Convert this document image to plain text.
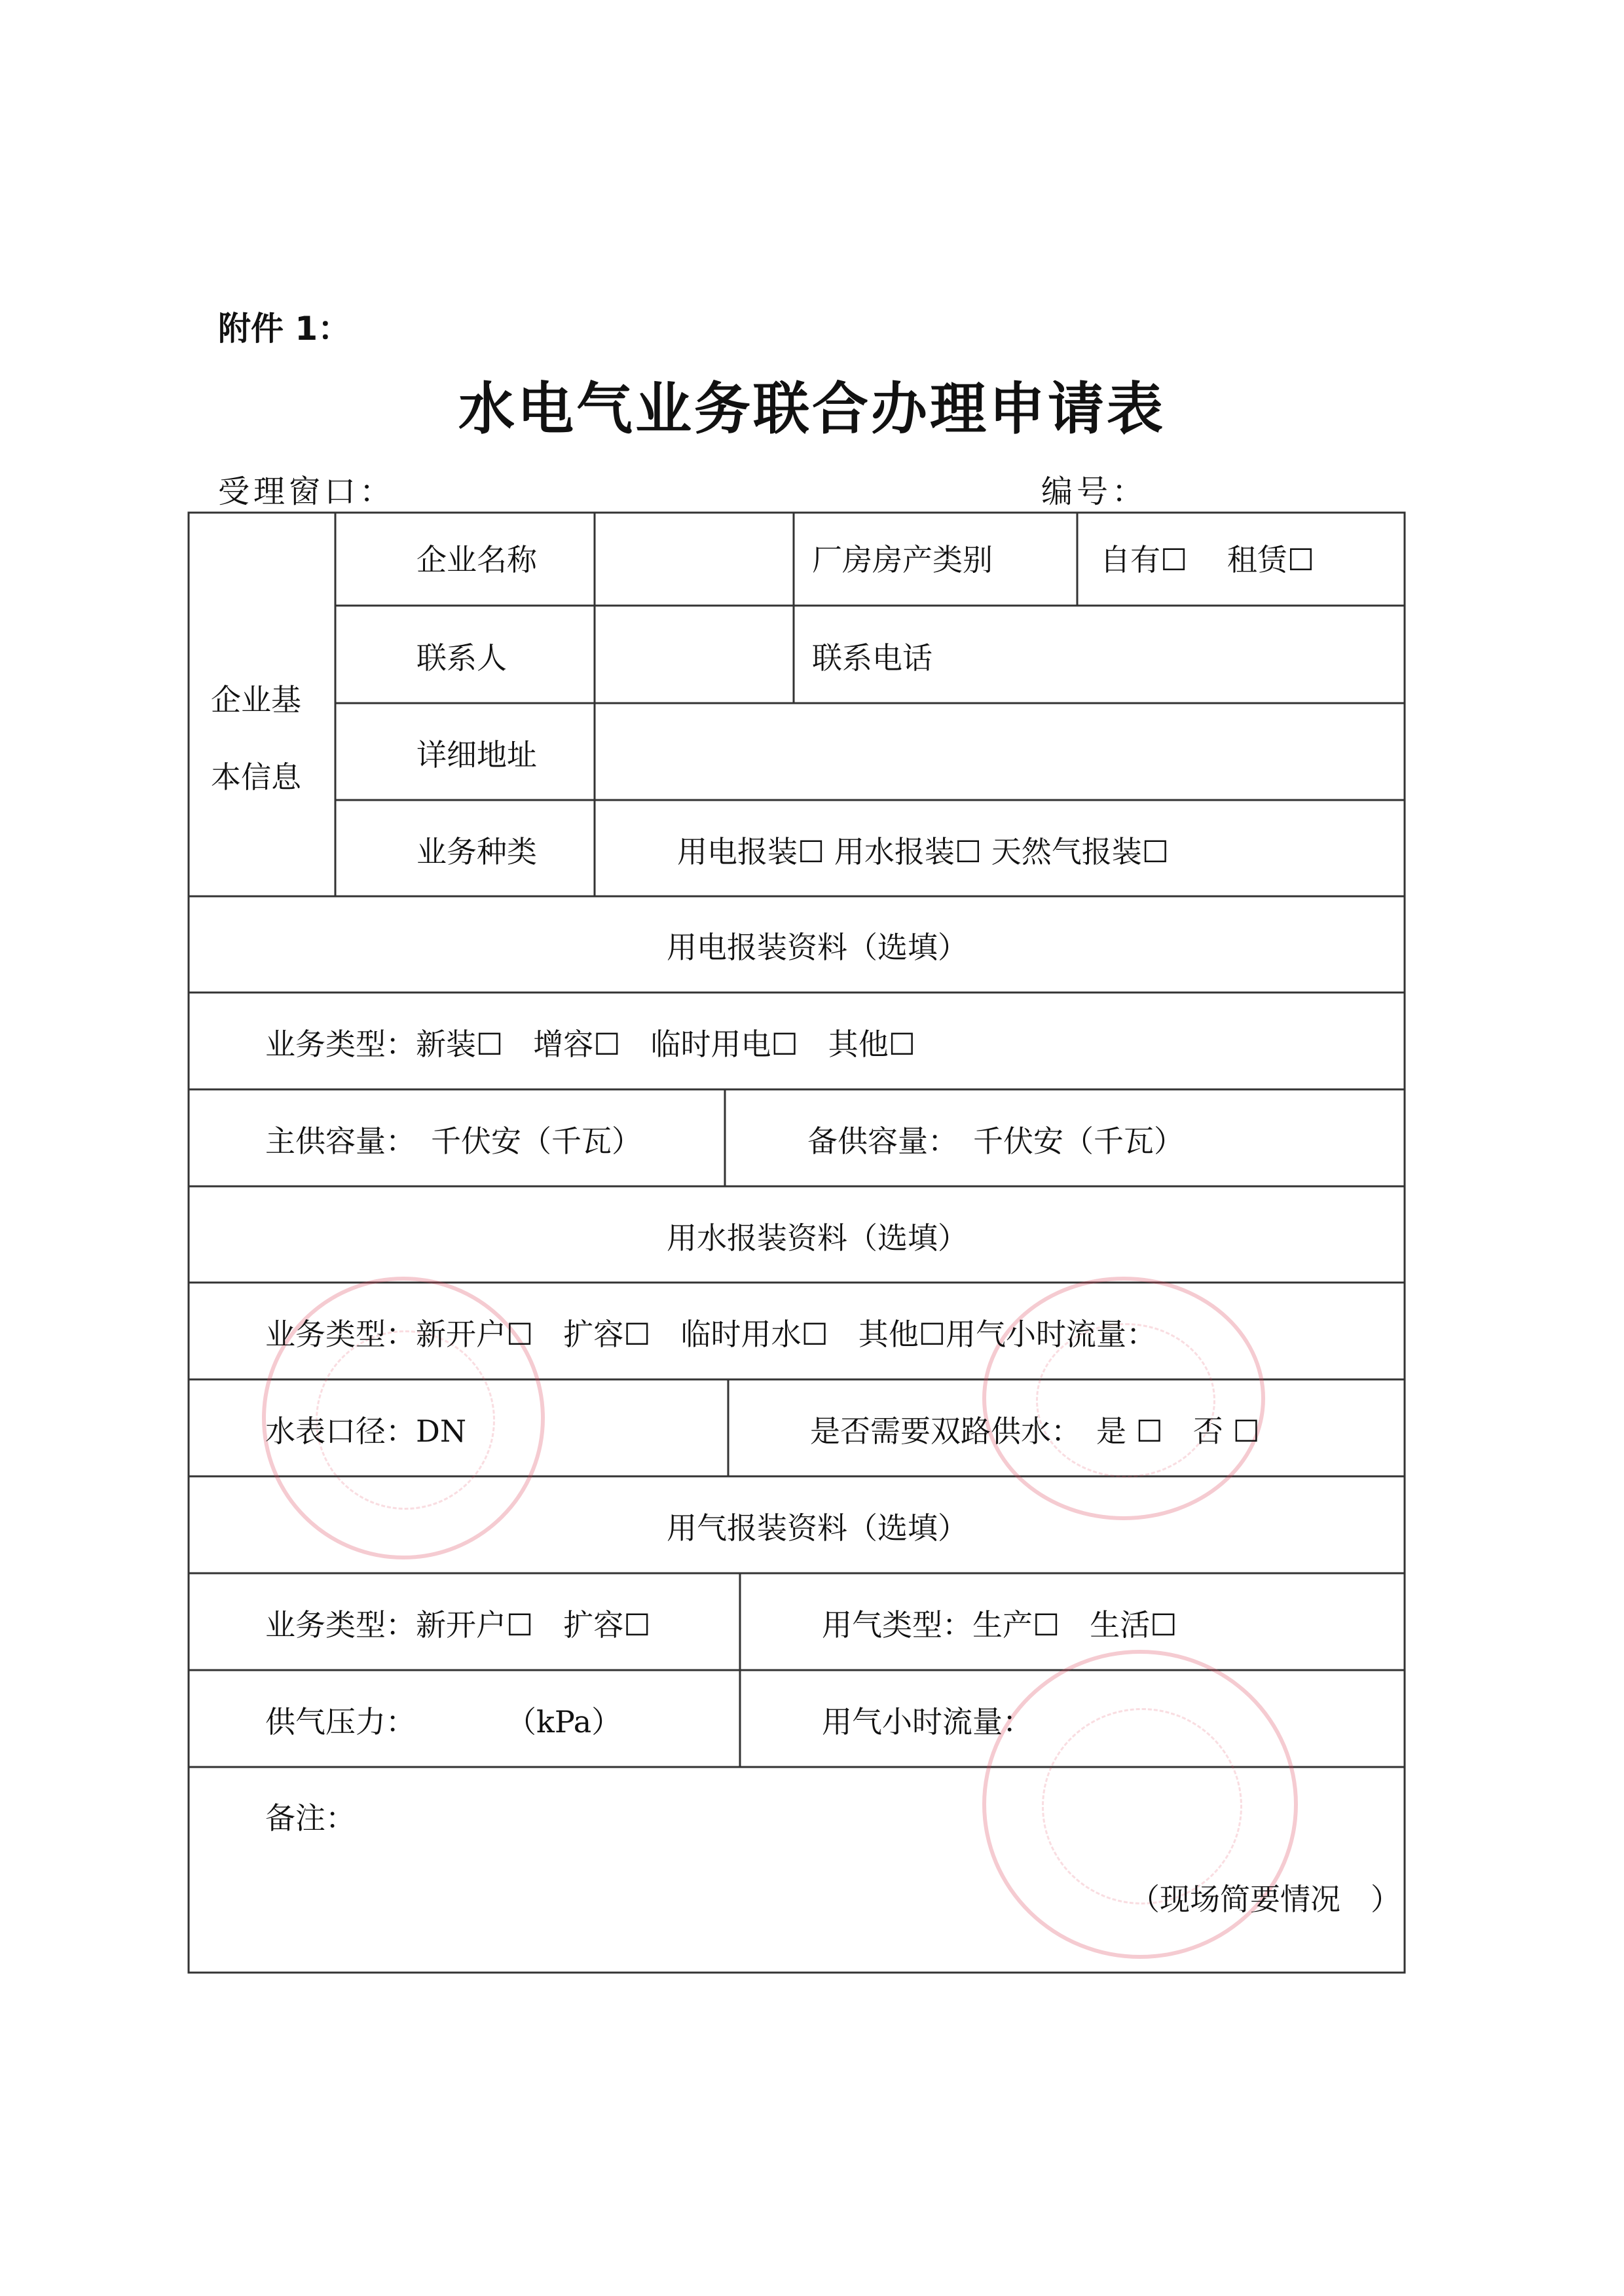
附件 1：
水电气业务联合办理申请表
受理窗口：	编号：
企业基
本信息
企业名称	厂房房产类别	自有☐　 租赁☐
联系人	联系电话
详细地址
业务种类	用电报装☐ 用水报装☐ 天然气报装☐
用电报装资料（选填）
业务类型：新装☐　增容☐　临时用电☐　其他☐
主供容量：　千伏安（千瓦）	备供容量：　千伏安（千瓦）
用水报装资料（选填）
业务类型：新开户☐　扩容☐　临时用水☐　其他☐用气小时流量：
水表口径：DN	是否需要双路供水：　是 ☐　否 ☐
用气报装资料（选填）
业务类型：新开户☐　扩容☐	用气类型：生产☐　生活☐
供气压力：　　　　（kPa）	用气小时流量：
备注：
（现场简要情况　）
